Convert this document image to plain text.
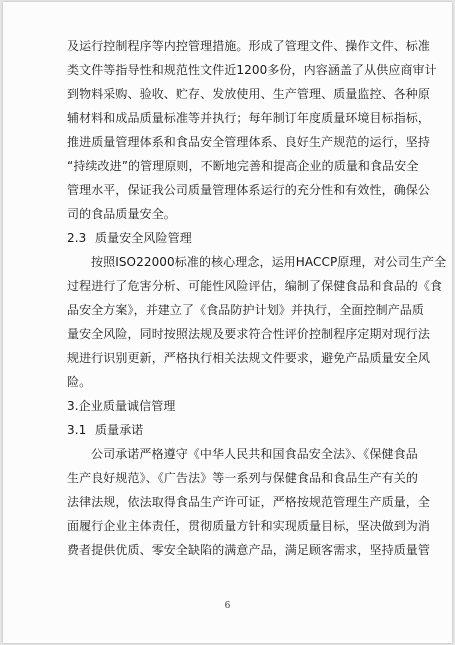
及运行控制程序等内控管理措施。形成了管理文件、操作文件、标准
类文件等指导性和规范性文件近1200多份，内容涵盖了从供应商审计
到物料采购、验收、贮存、发放使用、生产管理、质量监控、各种原
辅材料和成品质量标准等并执行；每年制订年度质量环境目标指标，
推进质量管理体系和食品安全管理体系、良好生产规范的运行，坚持
“持续改进”的管理原则，不断地完善和提高企业的质量和食品安全
管理水平，保证我公司质量管理体系运行的充分性和有效性，确保公
司的食品质量安全。
2.3 质量安全风险管理
按照ISO22000标准的核心理念，运用HACCP原理，对公司生产全
过程进行了危害分析、可能性风险评估，编制了保健食品和食品的《食
品安全方案》，并建立了《食品防护计划》并执行，全面控制产品质
量安全风险，同时按照法规及要求符合性评价控制程序定期对现行法
规进行识别更新，严格执行相关法规文件要求，避免产品质量安全风
险。
3.企业质量诚信管理
3.1 质量承诺
公司承诺严格遵守《中华人民共和国食品安全法》、《保健食品
生产良好规范》、《广告法》等一系列与保健食品和食品生产有关的
法律法规，依法取得食品生产许可证，严格按规范管理生产质量，全
面履行企业主体责任，贯彻质量方针和实现质量目标，坚决做到为消
费者提供优质、零安全缺陷的满意产品，满足顾客需求，坚持质量管
6
